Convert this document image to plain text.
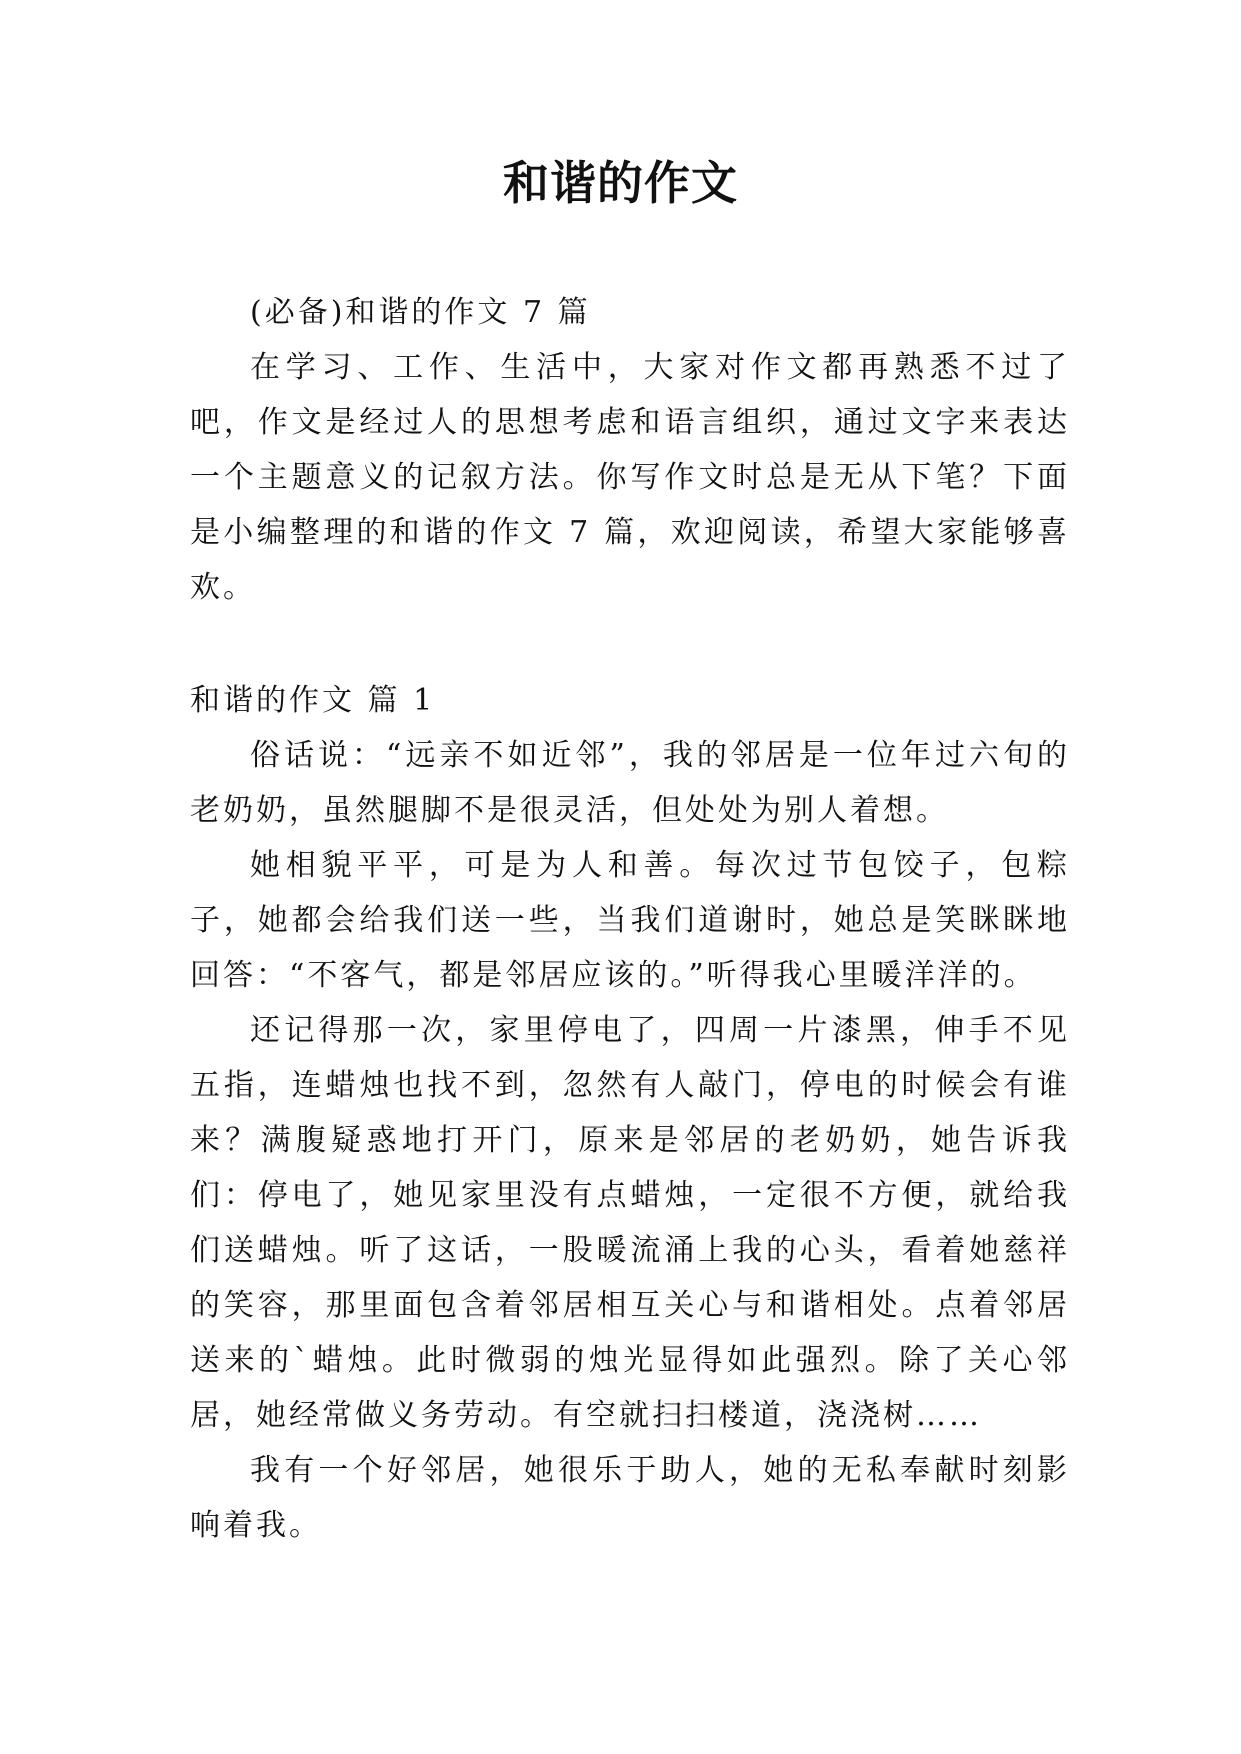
和谐的作文

(必备)和谐的作文 7 篇

在学习、工作、生活中，大家对作文都再熟悉不过了吧，作文是经过人的思想考虑和语言组织，通过文字来表达一个主题意义的记叙方法。你写作文时总是无从下笔？下面是小编整理的和谐的作文 7 篇，欢迎阅读，希望大家能够喜欢。

和谐的作文 篇 1

俗话说：“远亲不如近邻”，我的邻居是一位年过六旬的老奶奶，虽然腿脚不是很灵活，但处处为别人着想。

她相貌平平，可是为人和善。每次过节包饺子，包粽子，她都会给我们送一些，当我们道谢时，她总是笑眯眯地回答：“不客气，都是邻居应该的。”听得我心里暖洋洋的。

还记得那一次，家里停电了，四周一片漆黑，伸手不见五指，连蜡烛也找不到，忽然有人敲门，停电的时候会有谁来？满腹疑惑地打开门，原来是邻居的老奶奶，她告诉我们：停电了，她见家里没有点蜡烛，一定很不方便，就给我们送蜡烛。听了这话，一股暖流涌上我的心头，看着她慈祥的笑容，那里面包含着邻居相互关心与和谐相处。点着邻居送来的`蜡烛。此时微弱的烛光显得如此强烈。除了关心邻居，她经常做义务劳动。有空就扫扫楼道，浇浇树……

我有一个好邻居，她很乐于助人，她的无私奉献时刻影响着我。
